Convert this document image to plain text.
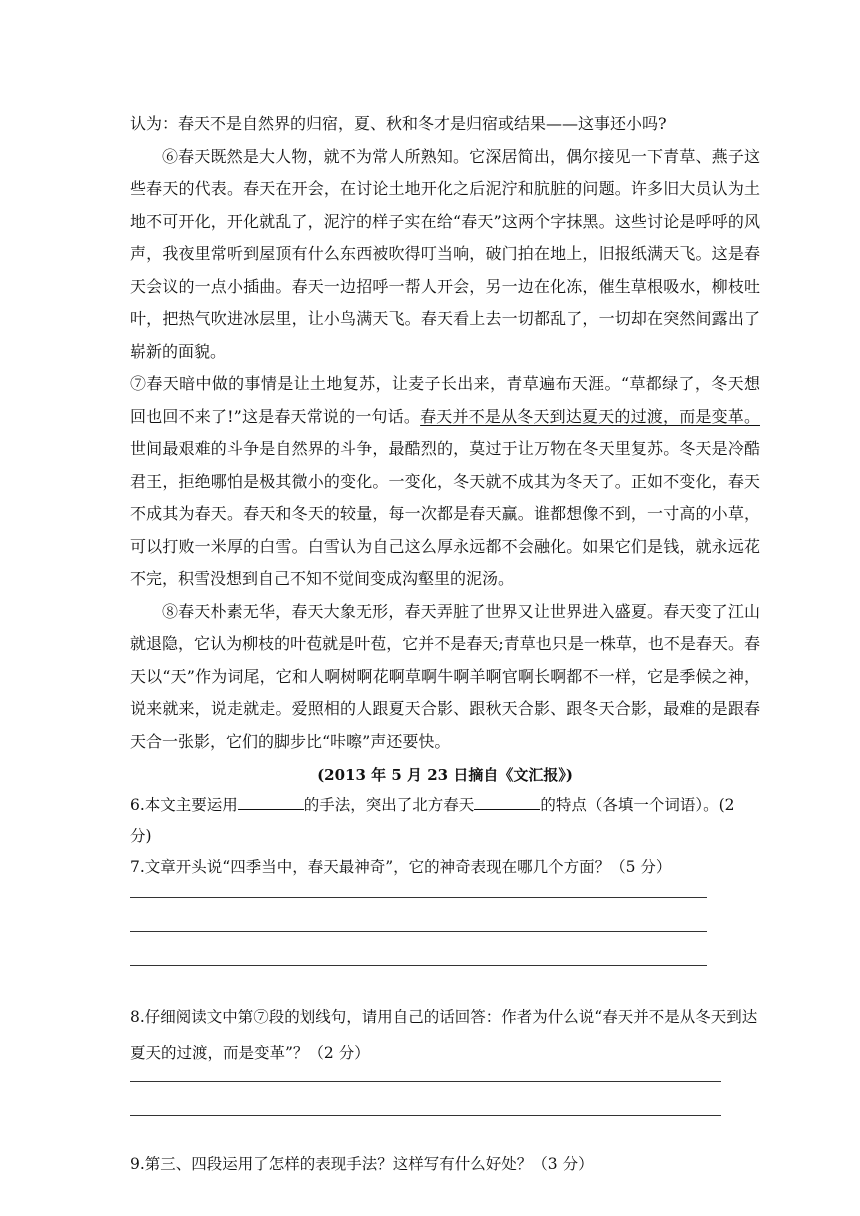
认为：春天不是自然界的归宿，夏、秋和冬才是归宿或结果——这事还小吗?

⑥春天既然是大人物，就不为常人所熟知。它深居简出，偶尔接见一下青草、燕子这些春天的代表。春天在开会，在讨论土地开化之后泥泞和肮脏的问题。许多旧大员认为土地不可开化，开化就乱了，泥泞的样子实在给“春天”这两个字抹黑。这些讨论是呼呼的风声，我夜里常听到屋顶有什么东西被吹得叮当响，破门拍在地上，旧报纸满天飞。这是春天会议的一点小插曲。春天一边招呼一帮人开会，另一边在化冻，催生草根吸水，柳枝吐叶，把热气吹进冰层里，让小鸟满天飞。春天看上去一切都乱了，一切却在突然间露出了崭新的面貌。

⑦春天暗中做的事情是让土地复苏，让麦子长出来，青草遍布天涯。“草都绿了，冬天想回也回不来了!”这是春天常说的一句话。春天并不是从冬天到达夏天的过渡，而是变革。世间最艰难的斗争是自然界的斗争，最酷烈的，莫过于让万物在冬天里复苏。冬天是冷酷君王，拒绝哪怕是极其微小的变化。一变化，冬天就不成其为冬天了。正如不变化，春天不成其为春天。春天和冬天的较量，每一次都是春天赢。谁都想像不到，一寸高的小草，可以打败一米厚的白雪。白雪认为自己这么厚永远都不会融化。如果它们是钱，就永远花不完，积雪没想到自己不知不觉间变成沟壑里的泥汤。

⑧春天朴素无华，春天大象无形，春天弄脏了世界又让世界进入盛夏。春天变了江山就退隐，它认为柳枝的叶苞就是叶苞，它并不是春天;青草也只是一株草，也不是春天。春天以“天”作为词尾，它和人啊树啊花啊草啊牛啊羊啊官啊长啊都不一样，它是季候之神，说来就来，说走就走。爱照相的人跟夏天合影、跟秋天合影、跟冬天合影，最难的是跟春天合一张影，它们的脚步比“咔嚓”声还要快。

(2013 年 5 月 23 日摘自《文汇报》)

6.本文主要运用	的手法，突出了北方春天	的特点（各填一个词语）。(2 分)

7.文章开头说“四季当中，春天最神奇”，它的神奇表现在哪几个方面？（5 分）

8.仔细阅读文中第⑦段的划线句，请用自己的话回答：作者为什么说“春天并不是从冬天到达夏天的过渡，而是变革”？（2 分）

9.第三、四段运用了怎样的表现手法？这样写有什么好处？（3 分）
